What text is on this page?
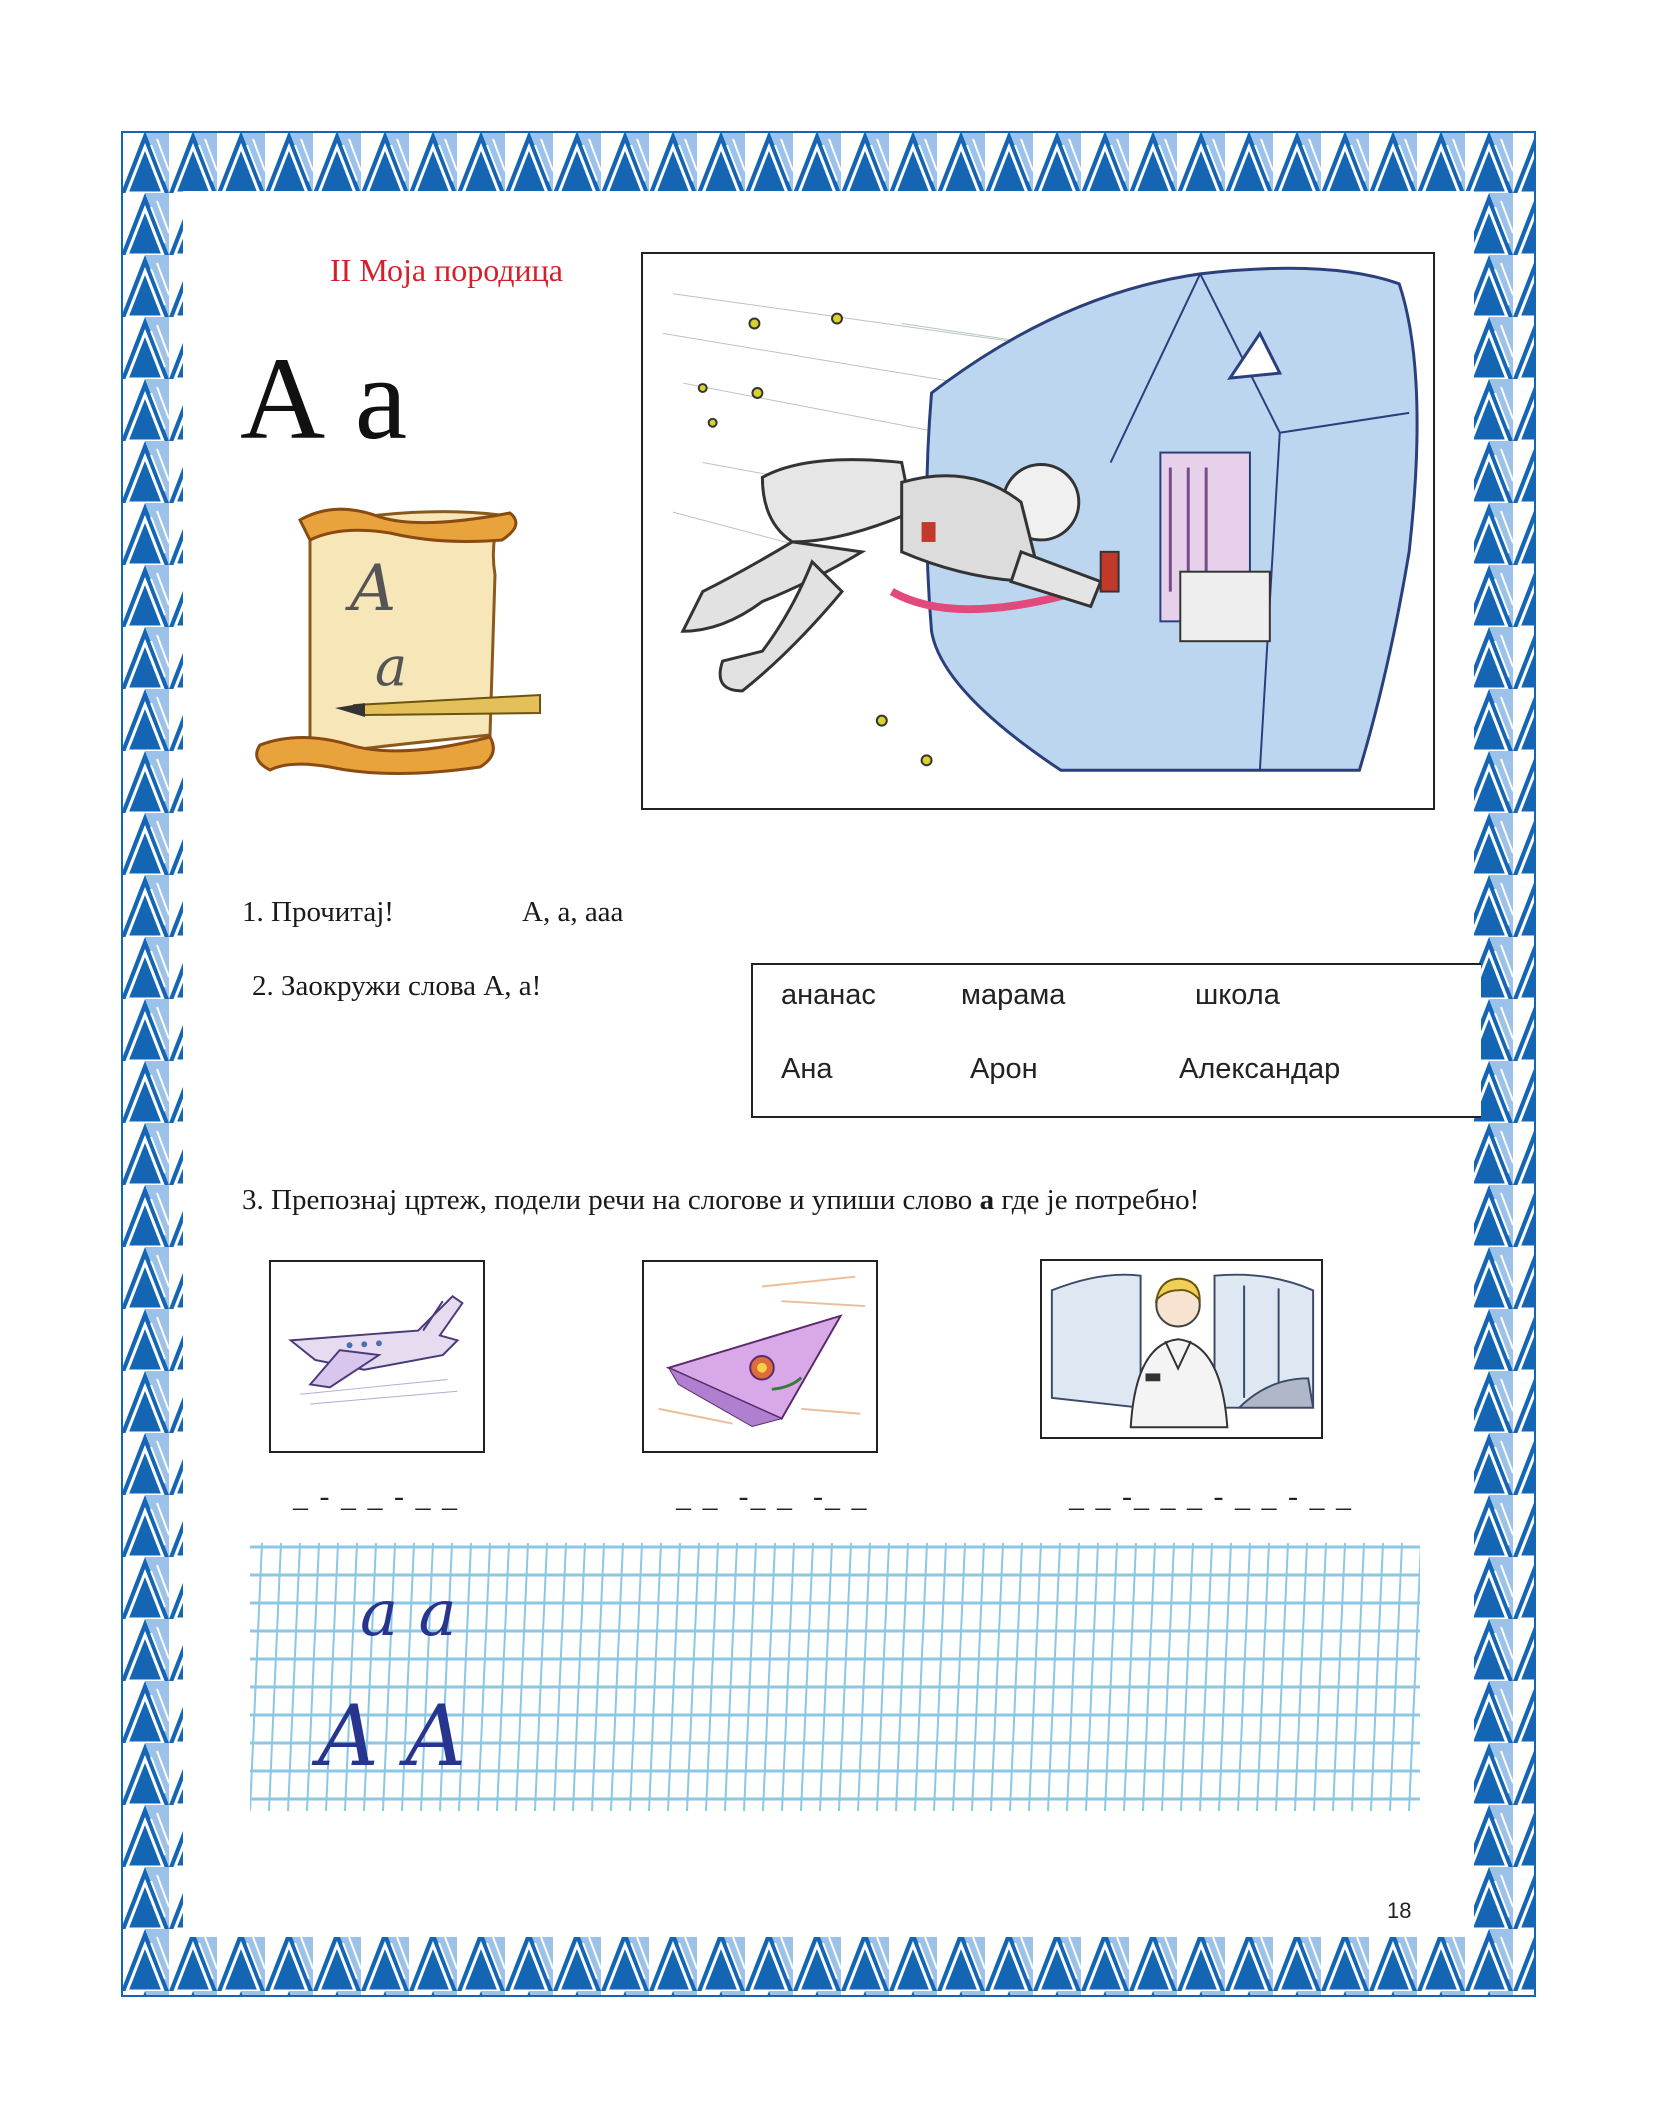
II Моја породица
А а
A
a
1. Прочитај!	А, а, ааа
2. Заокружи слова А, а!	ананас	марама	школа
Ана	Арон	Александар
3. Препознај цртеж, подели речи на слогове и упиши слово а где је потребно!
_ - _ _ - _ _	_ _  -_ _  -_ _	_ _ -_ _ _ - _ _ - _ _
a a
A A
18
